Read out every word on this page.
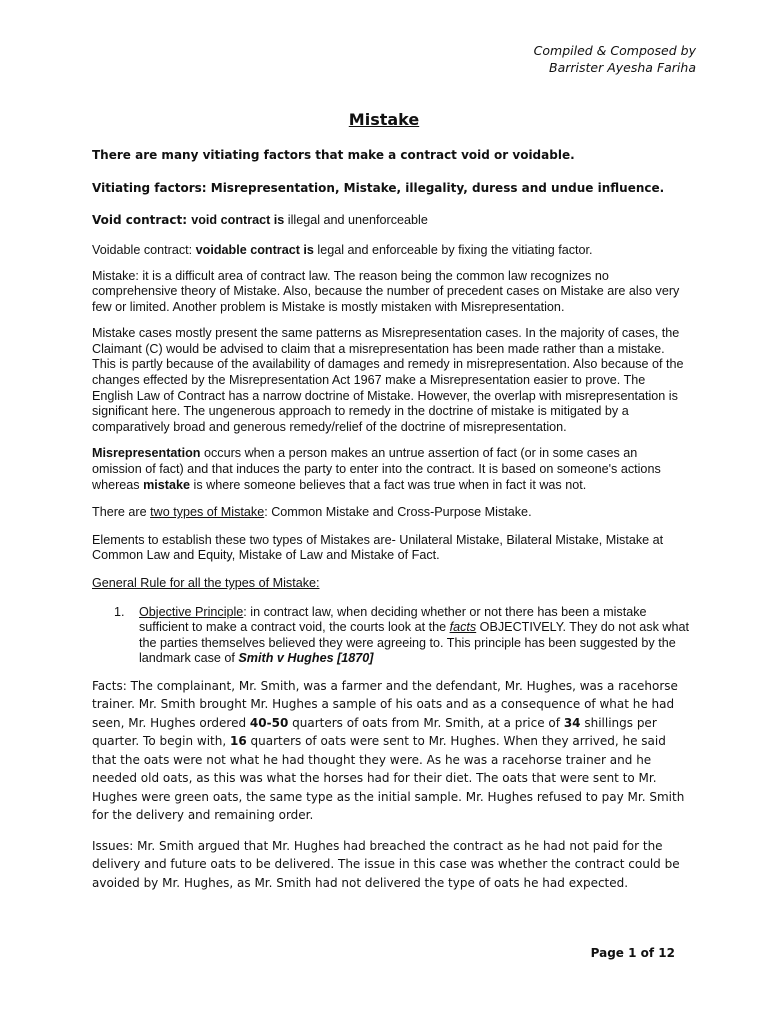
Compiled & Composed by
Barrister Ayesha Fariha
Mistake

There are many vitiating factors that make a contract void or voidable.

Vitiating factors: Misrepresentation, Mistake, illegality, duress and undue influence.

Void contract: void contract is illegal and unenforceable

Voidable contract: voidable contract is legal and enforceable by fixing the vitiating factor.

Mistake: it is a difficult area of contract law. The reason being the common law recognizes no comprehensive theory of Mistake. Also, because the number of precedent cases on Mistake are also very few or limited. Another problem is Mistake is mostly mistaken with Misrepresentation.

Mistake cases mostly present the same patterns as Misrepresentation cases. In the majority of cases, the Claimant (C) would be advised to claim that a misrepresentation has been made rather than a mistake. This is partly because of the availability of damages and remedy in misrepresentation. Also because of the changes effected by the Misrepresentation Act 1967 make a Misrepresentation easier to prove. The English Law of Contract has a narrow doctrine of Mistake. However, the overlap with misrepresentation is significant here. The ungenerous approach to remedy in the doctrine of mistake is mitigated by a comparatively broad and generous remedy/relief of the doctrine of misrepresentation.

Misrepresentation occurs when a person makes an untrue assertion of fact (or in some cases an omission of fact) and that induces the party to enter into the contract. It is based on someone's actions whereas mistake is where someone believes that a fact was true when in fact it was not.

There are two types of Mistake: Common Mistake and Cross-Purpose Mistake.

Elements to establish these two types of Mistakes are- Unilateral Mistake, Bilateral Mistake, Mistake at Common Law and Equity, Mistake of Law and Mistake of Fact.

General Rule for all the types of Mistake:

1. Objective Principle: in contract law, when deciding whether or not there has been a mistake sufficient to make a contract void, the courts look at the facts OBJECTIVELY. They do not ask what the parties themselves believed they were agreeing to. This principle has been suggested by the landmark case of Smith v Hughes [1870]

Facts: The complainant, Mr. Smith, was a farmer and the defendant, Mr. Hughes, was a racehorse trainer. Mr. Smith brought Mr. Hughes a sample of his oats and as a consequence of what he had seen, Mr. Hughes ordered 40-50 quarters of oats from Mr. Smith, at a price of 34 shillings per quarter. To begin with, 16 quarters of oats were sent to Mr. Hughes. When they arrived, he said that the oats were not what he had thought they were. As he was a racehorse trainer and he needed old oats, as this was what the horses had for their diet. The oats that were sent to Mr. Hughes were green oats, the same type as the initial sample. Mr. Hughes refused to pay Mr. Smith for the delivery and remaining order.

Issues: Mr. Smith argued that Mr. Hughes had breached the contract as he had not paid for the delivery and future oats to be delivered. The issue in this case was whether the contract could be avoided by Mr. Hughes, as Mr. Smith had not delivered the type of oats he had expected.

Page 1 of 12
